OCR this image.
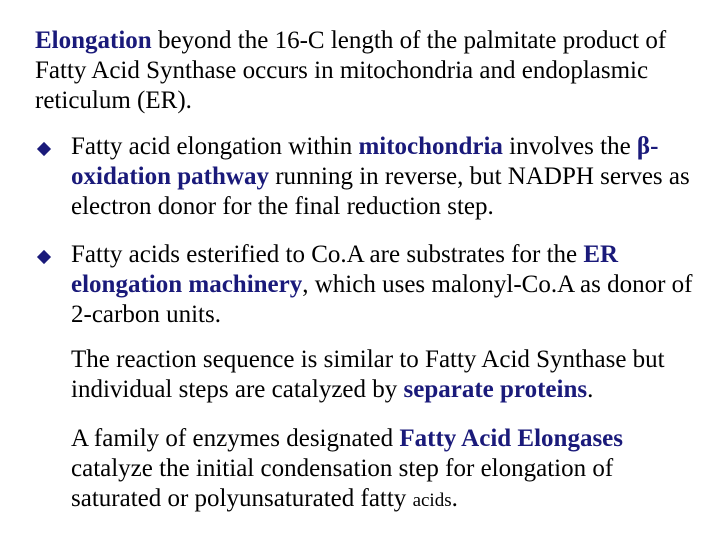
Elongation beyond the 16-C length of the palmitate product of Fatty Acid Synthase occurs in mitochondria and endoplasmic reticulum (ER).

Fatty acid elongation within mitochondria involves the β-oxidation pathway running in reverse, but NADPH serves as electron donor for the final reduction step.

Fatty acids esterified to Co.A are substrates for the ER elongation machinery, which uses malonyl-Co.A as donor of 2-carbon units.

The reaction sequence is similar to Fatty Acid Synthase but individual steps are catalyzed by separate proteins.

A family of enzymes designated Fatty Acid Elongases catalyze the initial condensation step for elongation of saturated or polyunsaturated fatty acids.
